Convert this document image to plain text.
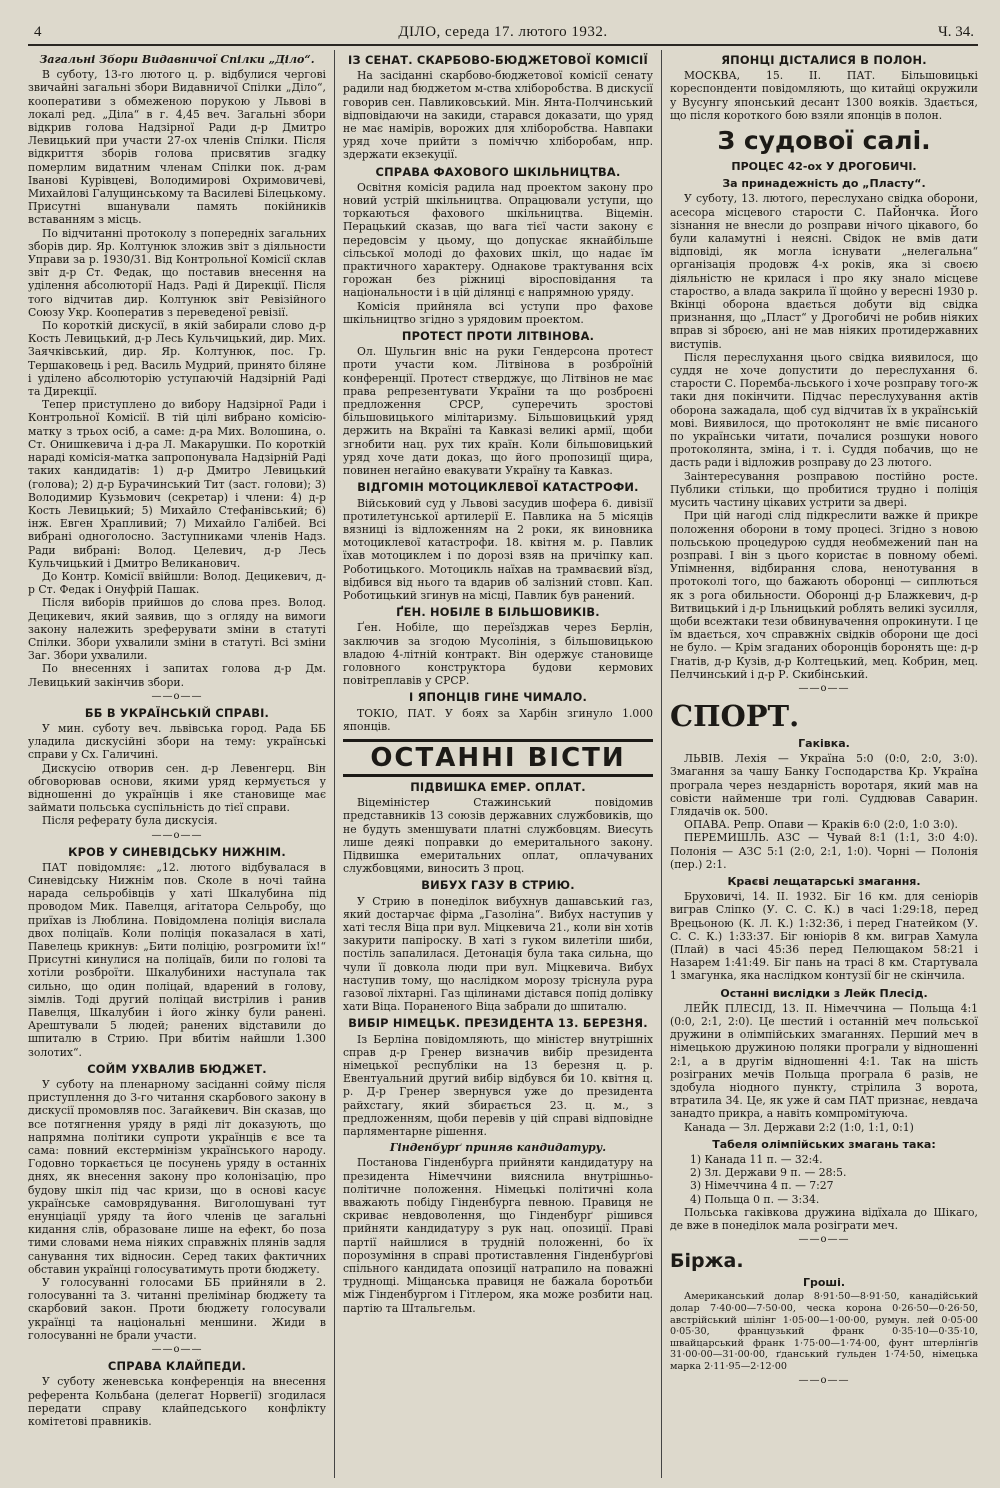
4	ДІЛО, середа 17. лютого 1932.	Ч. 34.
Загальні Збори Видавничої Спілки „Діло“.

В суботу, 13-го лютого ц. р. відбулися чергові звичайні загальні збори Видавничої Спілки „Діло“, кооперативи з обмеженою порукою у Львові в локалі ред. „Діла“ в г. 4,45 веч. Загальні збори відкрив голова Надзірної Ради д-р Дмитро Левицький при участи 27-ох членів Спілки. Після відкриття зборів голова присвятив згадку померлим видатним членам Спілки пок. д-рам Іванові Курівцеві, Володимирові Охримовичеві, Михайлові Галущинському та Василеві Білецькому. Присутні вшанували память покійників вставанням з місць.

По відчитанні протоколу з попередніх загальних зборів дир. Яр. Колтунюк зложив звіт з діяльности Управи за р. 1930/31. Від Контрольної Комісії склав звіт д-р Ст. Федак, що поставив внесення на уділення абсолюторії Надз. Раді й Дирекції. Після того відчитав дир. Колтунюк звіт Ревізійного Союзу Укр. Кооператив з переведеної ревізії.

По короткій дискусії, в якій забирали слово д-р Кость Левицький, д-р Лесь Кульчицький, дир. Мих. Заячківський, дир. Яр. Колтунюк, пос. Гр. Тершаковець і ред. Василь Мудрий, принято біляне і уділено абсолюторію уступаючій Надзірній Раді та Дирекції.

Тепер приступлено до вибору Надзірної Ради і Контрольної Комісії. В тій цілі вибрано комісію-матку з трьох осіб, а саме: д-ра Мих. Волошина, о. Ст. Онишкевича і д-ра Л. Макарушки. По короткій нараді комісія-матка запропонувала Надзірній Раді таких кандидатів: 1) д-р Дмитро Левицький (голова); 2) д-р Бурачинський Тит (заст. голови); 3) Володимир Кузьмович (секретар) і члени: 4) д-р Кость Левицький; 5) Михайло Стефанівський; 6) інж. Евген Храпливий; 7) Михайло Галібей. Всі вибрані одноголосно. Заступниками членів Надз. Ради вибрані: Волод. Целевич, д-р Лесь Кульчицький і Дмитро Великанович.

До Контр. Комісії ввійшли: Волод. Децикевич, д-р Ст. Федак і Онуфрій Пашак.

Після виборів прийшов до слова през. Волод. Децикевич, який заявив, що з огляду на вимоги закону належить зреферувати зміни в статуті Спілки. Збори ухвалили зміни в статуті. Всі зміни Заг. Збори ухвалили.

По внесеннях і запитах голова д-р Дм. Левицький закінчив збори.

——o——
ББ В УКРАЇНСЬКІЙ СПРАВІ.

У мин. суботу веч. львівська город. Рада ББ уладила дискусійні збори на тему: українські справи у Сх. Галичині.

Дискусію отворив сен. д-р Левенгерц. Він обговорював основи, якими уряд кермується у відношенні до українців і яке становище має займати польська суспільність до тієї справи.

Після реферату була дискусія.

——o——
КРОВ У СИНЕВІДСЬКУ НИЖНІМ.

ПАТ повідомляє: „12. лютого відбувалася в Синевідську Нижнім пов. Сколе в ночі тайна нарада сельробівців у хаті Шкалубина під проводом Мик. Павелця, агітатора Сельробу, що приїхав із Люблина. Повідомлена поліція вислала двох поліцаїв. Коли поліція показалася в хаті, Павелець крикнув: „Бити поліцію, розгромити їх!“ Присутні кинулися на поліцаїв, били по голові та хотіли розброїти. Шкалубинихи наступала так сильно, що один поліцай, вдарений в голову, зімлів. Тоді другий поліцай вистрілив і ранив Павелця, Шкалубин і його жінку були ранені. Арештували 5 людей; ранених відставили до шпиталю в Стрию. При вбитім найшли 1.300 золотих“.

СОЙМ УХВАЛИВ БЮДЖЕТ.

У суботу на пленарному засіданні сойму після приступлення до 3-го читання скарбового закону в дискусії промовляв пос. Загайкевич. Він сказав, що все потягнення уряду в ряді літ доказують, що напрямна політики супроти українців є все та сама: повний екстермінізм українського народу. Годовно торкається це посунень уряду в останніх днях, як внесення закону про колонізацію, про будову шкіл під час кризи, що в основі касує українське самоврядування. Виголошувані тут енунціації уряду та його членів це загальні кидання слів, образоване лише на ефект, бо поза тими словами нема ніяких справжніх плянів задля санування тих відносин. Серед таких фактичних обставин українці голосуватимуть проти бюджету.

У голосуванні голосами ББ прийняли в 2. голосуванні та 3. читанні прелімінар бюджету та скарбовий закон. Проти бюджету голосували українці та національні меншини. Жиди в голосуванні не брали участи.

——o——
СПРАВА КЛАЙПЕДИ.

У суботу женевська конференція на внесення референта Кольбана (делегат Норвегії) згодилася передати справу клайпедського конфлікту комітетові правників.

ІЗ СЕНАТ. СКАРБОВО-БЮДЖЕТОВОЇ КОМІСІЇ

На засіданні скарбово-бюджетової комісії сенату радили над бюджетом м-ства хліборобства. В дискусії говорив сен. Павликовський. Мін. Янта-Полчинський відповідаючи на закиди, старався доказати, що уряд не має намірів, ворожих для хліборобства. Навпаки уряд хоче прийти з поміччю хліборобам, нпр. здержати екзекуції.

СПРАВА ФАХОВОГО ШКІЛЬНИЦТВА.

Освітня комісія радила над проектом закону про новий устрій шкільництва. Опрацювали уступи, що торкаються фахового шкільництва. Віцемін. Перацький сказав, що вага тієї части закону є передовсім у цьому, що допускає якнайбільше сільської молоді до фахових шкіл, що надає їм практичного характеру. Однакове трактування всіх горожан без ріжниці віросповідання та національности і в цій ділянці є напрямною уряду.

Комісія прийняла всі уступи про фахове шкільництво згідно з урядовим проектом.

ПРОТЕСТ ПРОТИ ЛІТВІНОВА.

Ол. Шульгин вніс на руки Гендерсона протест проти участи ком. Літвінова в розброїній конференції. Протест стверджує, що Літвінов не має права репрезентувати України та що розброєні предложення СРСР, суперечить зростові більшовицького мілітаризму. Більшовицький уряд держить на Вкраїні та Кавказі великі армії, щоби згнобити нац. рух тих країн. Коли більшовицький уряд хоче дати доказ, що його пропозиції щира, повинен негайно евакувати Україну та Кавказ.

ВІДГОМІН МОТОЦИКЛЕВОЇ КАТАСТРОФИ.

Військовий суд у Львові засудив шофера 6. дивізії протилетунської артилерії Е. Павлика на 5 місяців вязниці із відложенням на 2 роки, як виновника мотоциклевої катастрофи. 18. квітня м. р. Павлик їхав мотоциклем і по дорозі взяв на причіпку кап. Роботицького. Мотоцикль наїхав на трамваєвий вїзд, відбився від нього та вдарив об залізний стовп. Кап. Роботицький згинув на місці, Павлик був ранений.

ҐЕН. НОБІЛЕ В БІЛЬШОВИКІВ.

Ґен. Нобіле, що переїзджав через Берлін, заключив за згодою Мусолінія, з більшовицькою владою 4-літній контракт. Він одержує становище головного конструктора будови кермових повітреплавів у СРСР.

І ЯПОНЦІВ ГИНЕ ЧИМАЛО.

ТОКІО, ПАТ. У боях за Харбін згинуло 1.000 японців.

ОСТАННІ ВІСТИ
ПІДВИШКА ЕМЕР. ОПЛАТ.

Віцеміністер Стажинський повідомив представників 13 союзів державних службовиків, що не будуть зменшувати платні службовцям. Виесуть лише деякі поправки до емеритального закону. Підвишка емеритальних оплат, оплачуваних службовцями, виносить 3 проц.

ВИБУХ ГАЗУ В СТРИЮ.

У Стрию в понеділок вибухнув дашавський газ, який достарчає фірма „Газоліна“. Вибух наступив у хаті тесля Віца при вул. Міцкевича 21., коли він хотів закурити папіроску. В хаті з гуком вилетіли шиби, постіль запалилася. Детонація була така сильна, що чули її довкола люди при вул. Міцкевича. Вибух наступив тому, що наслідком морозу тріснула рура газової ліхтарні. Газ щілинами дістався попід долівку хати Віца. Пораненого Віца забрали до шпиталю.

ВИБІР НІМЕЦЬК. ПРЕЗИДЕНТА 13. БЕРЕЗНЯ.

Із Берліна повідомляють, що міністер внутрішніх справ д-р Гренер визначив вибір президента німецької республіки на 13 березня ц. р. Евентуальний другий вибір відбувся би 10. квітня ц. р. Д-р Гренер звернувся уже до президента райхстагу, який збирається 23. ц. м., з предложенням, щоби перевів у цій справі відповідне парляментарне рішення.

Гінденбурґ приняв кандидатуру.

Постанова Гінденбурга прийняти кандидатуру на президента Німеччини вияснила внутрішньо-політичне положення. Німецькі політичні кола вважають побіду Гінденбурга певною. Правиця не скриває невдоволення, що Гінденбурґ рішився прийняти кандидатуру з рук нац. опозиції. Праві партії найшлися в трудній положенні, бо їх порозуміння в справі протиставлення Гінденбурґові спільного кандидата опозиції натрапило на поважні труднощі. Міщанська правиця не бажала боротьби між Гінденбургом і Гітлером, яка може розбити нац. партію та Штальгельм.

ЯПОНЦІ ДІСТАЛИСЯ В ПОЛОН.

МОСКВА, 15. II. ПАТ. Більшовицькі кореспонденти повідомляють, що китайці окружили у Вусунгу японський десант 1300 вояків. Здається, що після короткого бою взяли японців в полон.

З судової салі.
ПРОЦЕС 42-ох У ДРОГОБИЧІ.
За принадежність до „Пласту“.

У суботу, 13. лютого, переслухано свідка оборони, асесора місцевого старости С. ПаЙончка. Його зізнання не внесли до розправи нічого цікавого, бо були каламутні і неясні. Свідок не вмів дати відповіді, як могла існувати „нелегальна“ організація продовж 4-х років, яка зі своєю діяльністю не крилася і про яку знало місцеве староство, а влада закрила її щойно у вересні 1930 р. Вкінці оборона вдається добути від свідка признання, що „Пласт“ у Дрогобичі не робив ніяких вправ зі зброєю, ані не мав ніяких протидержавних виступів.

Після переслухання цього свідка виявилося, що суддя не хоче допустити до переслухання 6. старости С. Поремба-льського і хоче розправу того-ж таки дня покінчити. Підчас переслухування актів оборона зажадала, щоб суд відчитав їх в українській мові. Виявилося, що протоколянт не вміє писаного по українськи читати, почалися розшуки нового протоколянта, зміна, і т. і. Суддя побачив, що не дасть ради і відложив розправу до 23 лютого.

Заінтересування розправою постійно росте. Публики стільки, що пробитися трудно і поліція мусить частину цікавих устрити за двері.

При цій нагоді слід підкреслити важке й прикре положення оборони в тому процесі. Згідно з новою польською процедурою суддя необмежений пан на розправі. І він з цього користає в повному обемі. Упімнення, відбирання слова, ненотування в протоколі того, що бажають оборонці — сиплються як з рога обильности. Оборонці д-р Блажкевич, д-р Витвицький і д-р Ільницький роблять великі зусилля, щоби всежтаки тези обвинувачення опрокинути. І це їм вдається, хоч справжніх свідків оборони ще досі не було. — Крім згаданих оборонців боронять ще: д-р Гнатів, д-р Кузів, д-р Колтецький, мец. Кобрин, мец. Пелчинський і д-р Р. Скибінський.

——o——
СПОРТ.
Гаківка.

ЛЬВІВ. Лехія — Україна 5:0 (0:0, 2:0, 3:0). Змагання за чашу Банку Господарства Кр. Україна програла через нездарність воротаря, який мав на совісти найменше три голі. Суддював Саварин. Глядачів ок. 500.

ОПАВА. Репр. Опави — Краків 6:0 (2:0, 1:0 3:0).

ПЕРЕМИШЛЬ. АЗС — Чувай 8:1 (1:1, 3:0 4:0). Полонія — АЗС 5:1 (2:0, 2:1, 1:0). Чорні — Полонія (пер.) 2:1.

Краєві лещатарські змагання.

Бруховичі, 14. II. 1932. Біг 16 км. для сеніорів виграв Сліпко (У. С. С. К.) в часі 1:29:18, перед Врецьоною (К. Л. К.) 1:32:36, і перед Гнатейком (У. С. С. К.) 1:33:37. Біг юніорів 8 км. виграв Хамула (Плай) в часі 45:36 перед Пелющаком 58:21 і Назарем 1:41:49. Біг пань на трасі 8 км. Стартувала 1 змагунка, яка наслідком контузії біг не скінчила.

Останні вислідки з Лейк Плесід.

ЛЕЙК ПЛЕСІД, 13. II. Німеччина — Польща 4:1 (0:0, 2:1, 2:0). Це шестий і останній меч польської дружини в олімпійських змаганнях. Перший меч в німецькою дружиною поляки програли у відношенні 2:1, а в другім відношенні 4:1. Так на шість розіграних мечів Польща програла 6 разів, не здобула ніодного пункту, стрілила 3 ворота, втратила 34. Це, як уже й сам ПАТ признає, невдача занадто прикра, а навіть компромітуюча.

Канада — Зл. Держави 2:2 (1:0, 1:1, 0:1)

Табеля олімпійських змагань така:

1) Канада 11 п. — 32:4.

2) Зл. Держави 9 п. — 28:5.

3) Німеччина 4 п. — 7:27

4) Польща 0 п. — 3:34.

Польська гаківкова дружина відїхала до Шікаго, де вже в понеділок мала розіграти меч.

——o——
Біржа.
Гроші.

Американський долар 8·91·50—8·91·50, канадійський долар 7·40·00—7·50·00, ческа корона 0·26·50—0·26·50, австрійський шілінг 1·05·00—1·00·00, румун. лей 0·05·00 0·05·30, французький франк 0·35·10—0·35·10, швайцарський франк 1·75·00—1·74·00, фунт штерлінґів 31·00·00—31·00·00, ґданський ґульден 1·74·50, німецька марка 2·11·95—2·12·00

——o——
